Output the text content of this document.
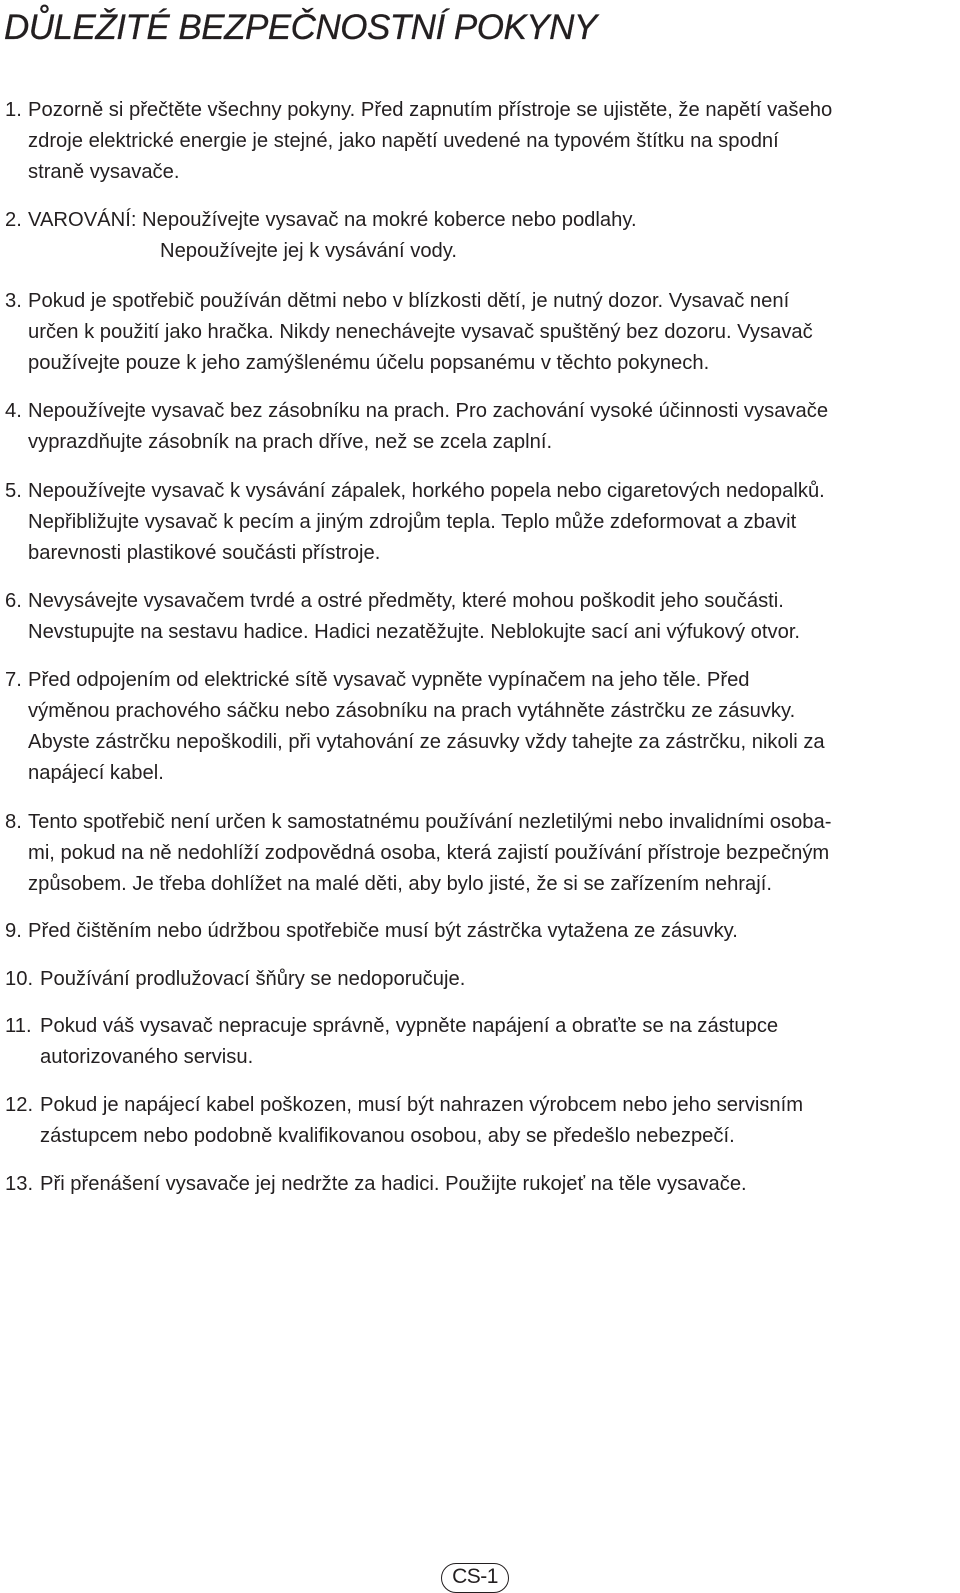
DŮLEŽITÉ BEZPEČNOSTNÍ POKYNY
1. Pozorně si přečtěte všechny pokyny. Před zapnutím přístroje se ujistěte, že napětí vašeho
zdroje elektrické energie je stejné, jako napětí uvedené na typovém štítku na spodní
straně vysavače.
2. VAROVÁNÍ: Nepoužívejte vysavač na mokré koberce nebo podlahy.
Nepoužívejte jej k vysávání vody.
3. Pokud je spotřebič používán dětmi nebo v blízkosti dětí, je nutný dozor. Vysavač není
určen k použití jako hračka. Nikdy nenechávejte vysavač spuštěný bez dozoru. Vysavač
používejte pouze k jeho zamýšlenému účelu popsanému v těchto pokynech.
4. Nepoužívejte vysavač bez zásobníku na prach. Pro zachování vysoké účinnosti vysavače
vyprazdňujte zásobník na prach dříve, než se zcela zaplní.
5. Nepoužívejte vysavač k vysávání zápalek, horkého popela nebo cigaretových nedopalků.
Nepřibližujte vysavač k pecím a jiným zdrojům tepla. Teplo může zdeformovat a zbavit
barevnosti plastikové součásti přístroje.
6. Nevysávejte vysavačem tvrdé a ostré předměty, které mohou poškodit jeho součásti.
Nevstupujte na sestavu hadice. Hadici nezatěžujte. Neblokujte sací ani výfukový otvor.
7. Před odpojením od elektrické sítě vysavač vypněte vypínačem na jeho těle. Před
výměnou prachového sáčku nebo zásobníku na prach vytáhněte zástrčku ze zásuvky.
Abyste zástrčku nepoškodili, při vytahování ze zásuvky vždy tahejte za zástrčku, nikoli za
napájecí kabel.
8. Tento spotřebič není určen k samostatnému používání nezletilými nebo invalidními osoba-
mi, pokud na ně nedohlíží zodpovědná osoba, která zajistí používání přístroje bezpečným
způsobem. Je třeba dohlížet na malé děti, aby bylo jisté, že si se zařízením nehrají.
9. Před čištěním nebo údržbou spotřebiče musí být zástrčka vytažena ze zásuvky.
10. Používání prodlužovací šňůry se nedoporučuje.
11. Pokud váš vysavač nepracuje správně, vypněte napájení a obraťte se na zástupce
autorizovaného servisu.
12. Pokud je napájecí kabel poškozen, musí být nahrazen výrobcem nebo jeho servisním
zástupcem nebo podobně kvalifikovanou osobou, aby se předešlo nebezpečí.
13. Při přenášení vysavače jej nedržte za hadici. Použijte rukojeť na těle vysavače.
CS-1
